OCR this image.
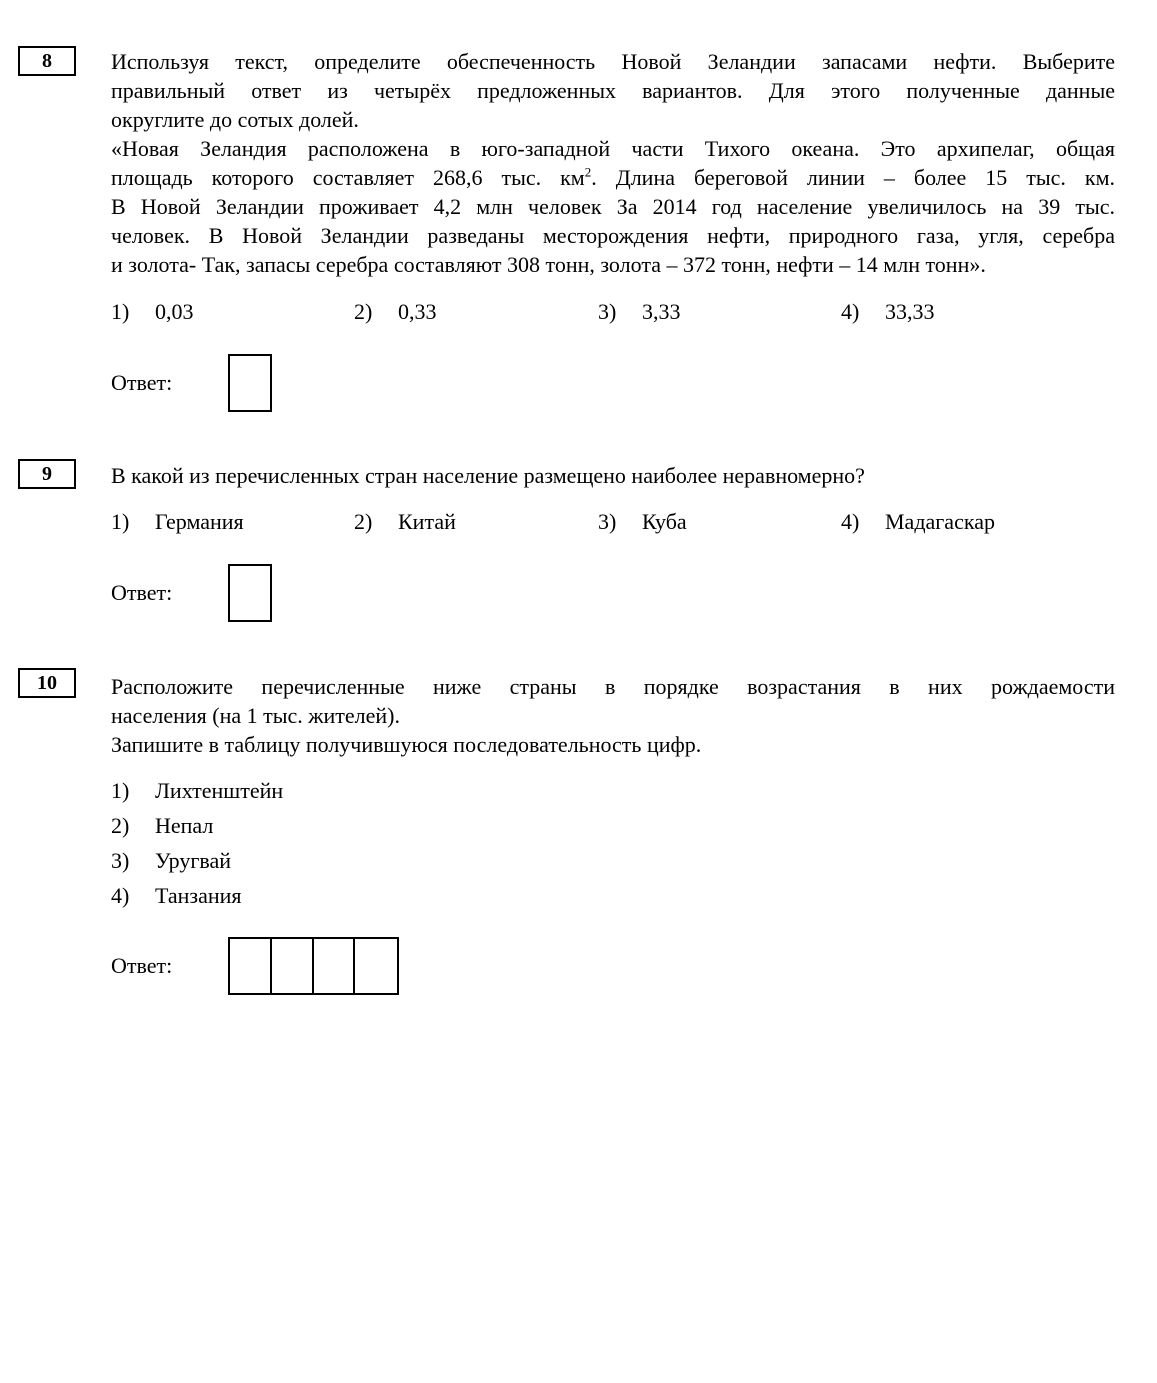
8	Используя текст, определите обеспеченность Новой Зеландии запасами нефти. Выберите

правильный ответ из четырёх предложенных вариантов. Для этого полученные данные

округлите до сотых долей.

«Новая Зеландия расположена в юго-западной части Тихого океана. Это архипелаг, общая

площадь которого составляет 268,6 тыс. $км^2$. Длина береговой линии – более 15 тыс. км.

В Новой Зеландии проживает 4,2 млн человек За 2014 год население увеличилось на 39 тыс.

человек. В Новой Зеландии разведаны месторождения нефти, природного газа, угля, серебра

и золота- Так, запасы серебра составляют 308 тонн, золота – 372 тонн, нефти – 14 млн тонн».

1) 0,03	2) 0,33	3) 3,33	4) 33,33
Ответ:
9	В какой из перечисленных стран население размещено наиболее неравномерно?
1) Германия	2) Китай	3) Куба	4) Мадагаскар
Ответ:
10	Расположите перечисленные ниже страны в порядке возрастания в них рождаемости

населения (на 1 тыс. жителей).

Запишите в таблицу получившуюся последовательность цифр.

1) Лихтенштейн
2) Непал
3) Уругвай
4) Танзания
Ответ:
